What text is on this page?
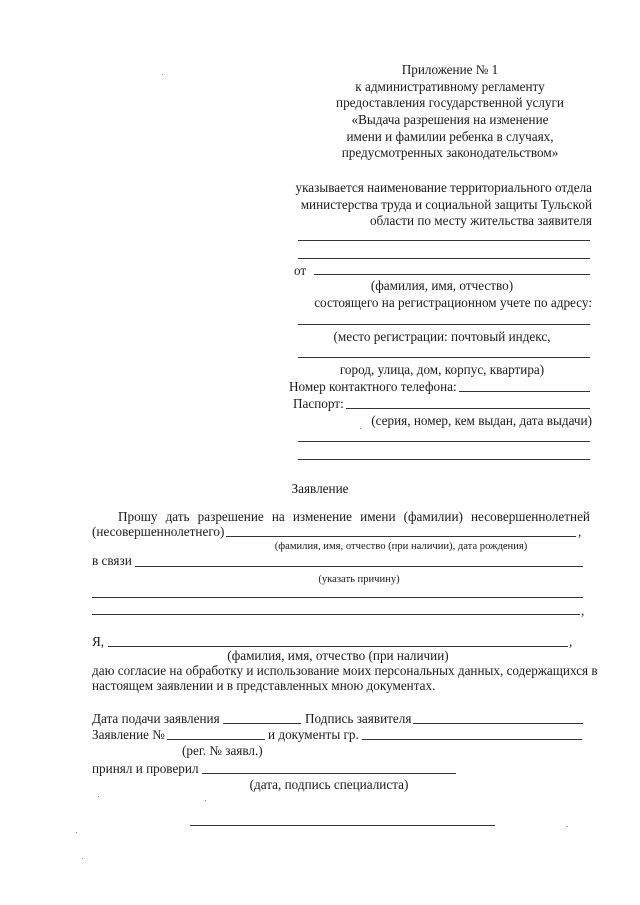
Приложение № 1
к административному регламенту
предоставления государственной услуги
«Выдача разрешения на изменение
имени и фамилии ребенка в случаях,
предусмотренных законодательством»
указывается наименование территориального отдела
министерства труда и социальной защиты Тульской
области по месту жительства заявителя
от
(фамилия, имя, отчество)
состоящего на регистрационном учете по адресу:
(место регистрации: почтовый индекс,
город, улица, дом, корпус, квартира)
Номер контактного телефона:
Паспорт:
(серия, номер, кем выдан, дата выдачи)
Заявление
Прошу дать разрешение на изменение имени (фамилии) несовершеннолетней
(несовершеннолетнего)	,
(фамилия, имя, отчество (при наличии), дата рождения)
в связи
(указать причину)
,
Я,	,
(фамилия, имя, отчество (при наличии)
даю согласие на обработку и использование моих персональных данных, содержащихся в
настоящем заявлении и в представленных мною документах.
Дата подачи заявления	Подпись заявителя
Заявление №	и документы гр.
(рег. № заявл.)
принял и проверил
(дата, подпись специалиста)
